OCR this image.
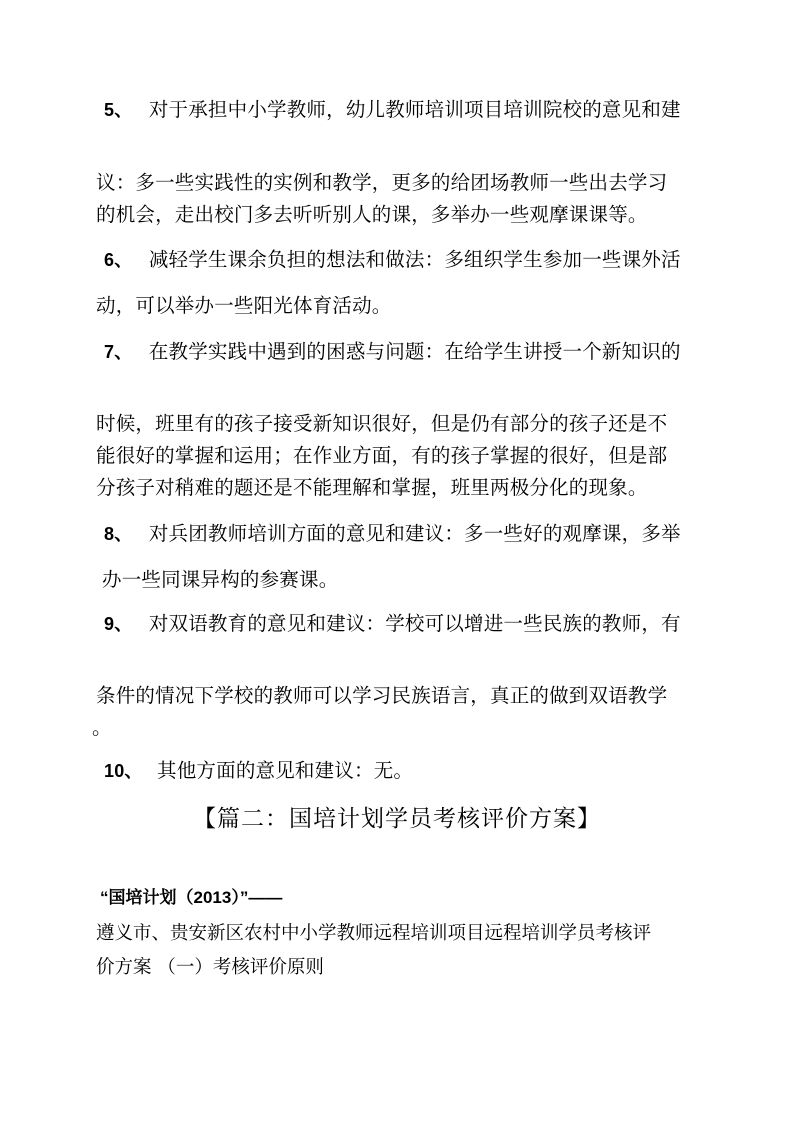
5、 对于承担中小学教师，幼儿教师培训项目培训院校的意见和建
议：多一些实践性的实例和教学，更多的给团场教师一些出去学习
的机会，走出校门多去听听别人的课，多举办一些观摩课课等。
6、 减轻学生课余负担的想法和做法：多组织学生参加一些课外活
动，可以举办一些阳光体育活动。
7、 在教学实践中遇到的困惑与问题：在给学生讲授一个新知识的
时候，班里有的孩子接受新知识很好，但是仍有部分的孩子还是不
能很好的掌握和运用；在作业方面，有的孩子掌握的很好，但是部
分孩子对稍难的题还是不能理解和掌握，班里两极分化的现象。
8、 对兵团教师培训方面的意见和建议：多一些好的观摩课，多举
办一些同课异构的参赛课。
9、 对双语教育的意见和建议：学校可以增进一些民族的教师，有
条件的情况下学校的教师可以学习民族语言，真正的做到双语教学
。
10、 其他方面的意见和建议：无。
【篇二：国培计划学员考核评价方案】
“国培计划（2013）”——
遵义市、贵安新区农村中小学教师远程培训项目远程培训学员考核评
价方案 （一）考核评价原则
